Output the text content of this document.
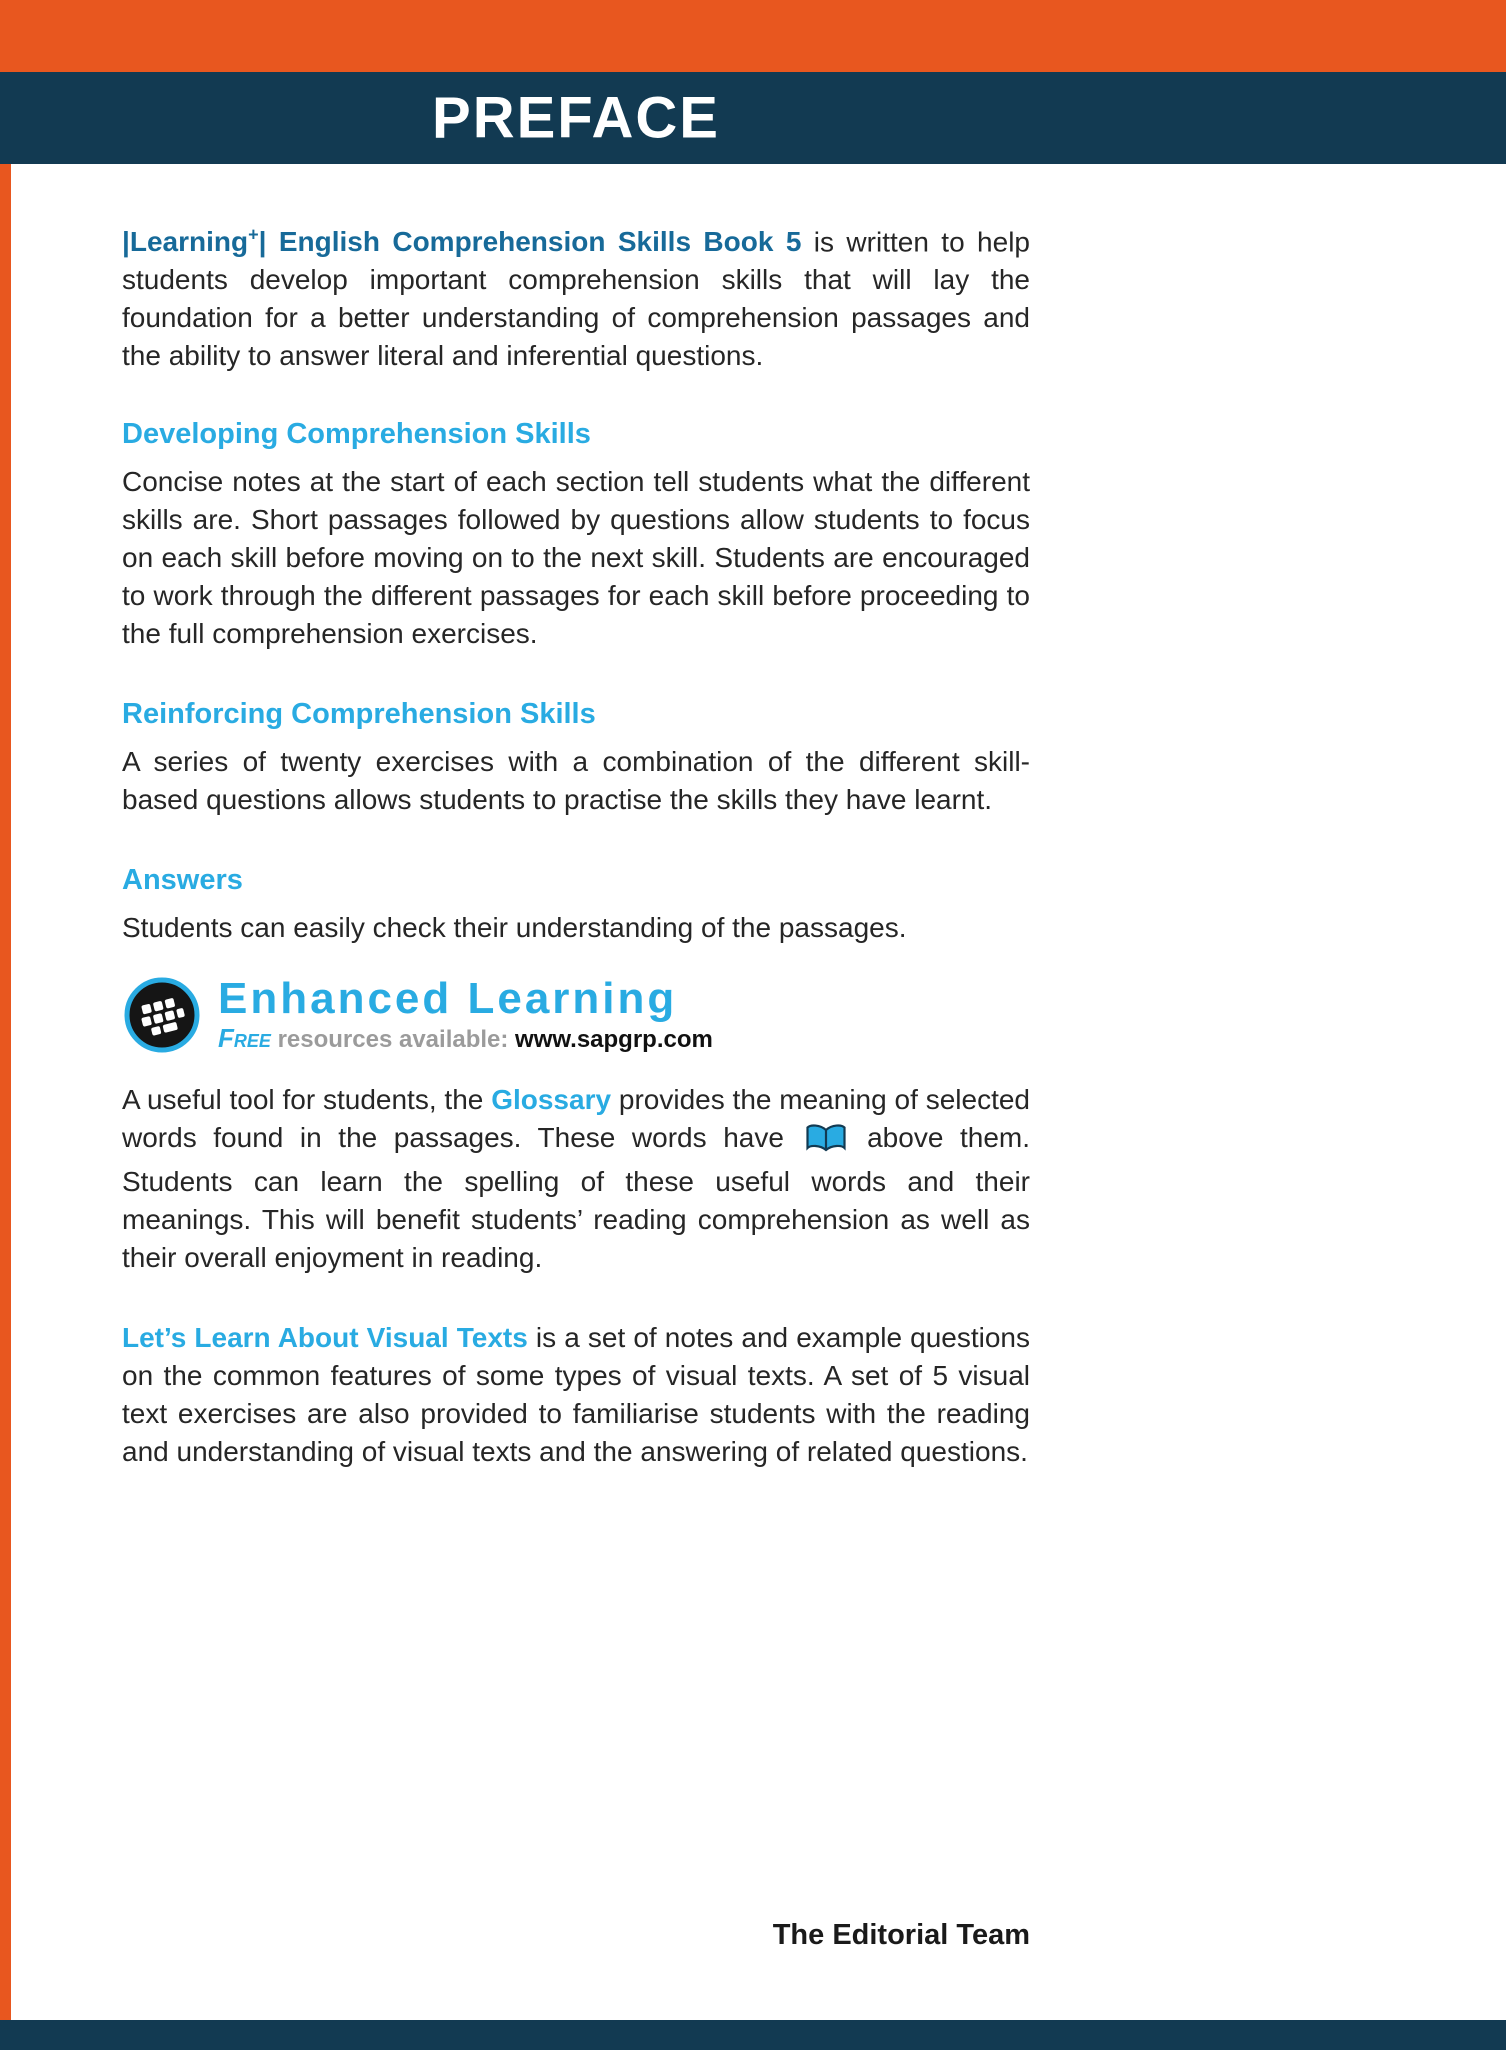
PREFACE

|Learning+| English Comprehension Skills Book 5 is written to help students develop important comprehension skills that will lay the foundation for a better understanding of comprehension passages and the ability to answer literal and inferential questions.

Developing Comprehension Skills

Concise notes at the start of each section tell students what the different skills are. Short passages followed by questions allow students to focus on each skill before moving on to the next skill. Students are encouraged to work through the different passages for each skill before proceeding to the full comprehension exercises.

Reinforcing Comprehension Skills

A series of twenty exercises with a combination of the different skill-based questions allows students to practise the skills they have learnt.

Answers

Students can easily check their understanding of the passages.

Enhanced Learning
Free resources available: www.sapgrp.com

A useful tool for students, the Glossary provides the meaning of selected words found in the passages. These words have  above them. Students can learn the spelling of these useful words and their meanings. This will benefit students’ reading comprehension as well as their overall enjoyment in reading.

Let’s Learn About Visual Texts is a set of notes and example questions on the common features of some types of visual texts. A set of 5 visual text exercises are also provided to familiarise students with the reading and understanding of visual texts and the answering of related questions.

The Editorial Team
